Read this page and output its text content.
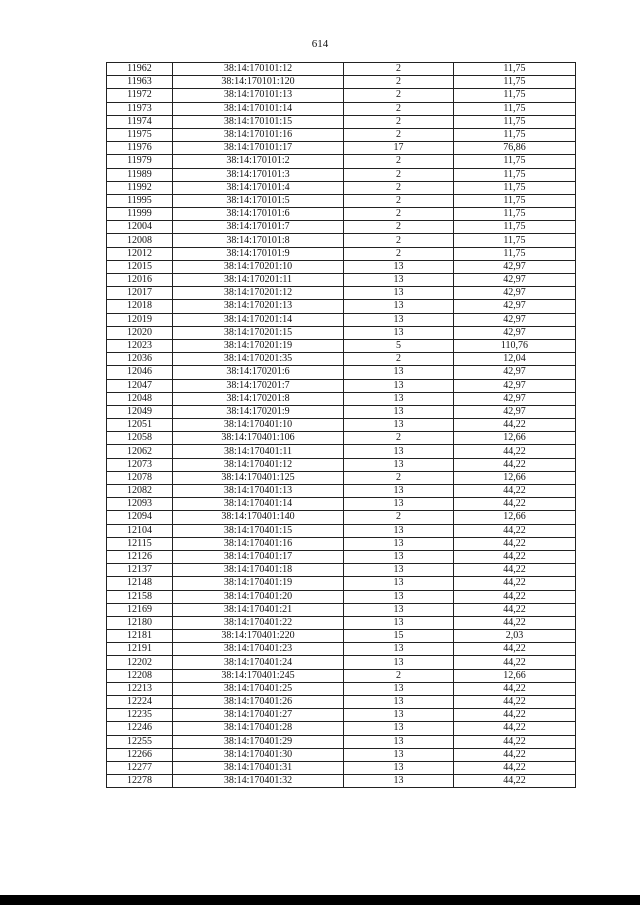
614
11962	38:14:170101:12	2	11,75
11963	38:14:170101:120	2	11,75
11972	38:14:170101:13	2	11,75
11973	38:14:170101:14	2	11,75
11974	38:14:170101:15	2	11,75
11975	38:14:170101:16	2	11,75
11976	38:14:170101:17	17	76,86
11979	38:14:170101:2	2	11,75
11989	38:14:170101:3	2	11,75
11992	38:14:170101:4	2	11,75
11995	38:14:170101:5	2	11,75
11999	38:14:170101:6	2	11,75
12004	38:14:170101:7	2	11,75
12008	38:14:170101:8	2	11,75
12012	38:14:170101:9	2	11,75
12015	38:14:170201:10	13	42,97
12016	38:14:170201:11	13	42,97
12017	38:14:170201:12	13	42,97
12018	38:14:170201:13	13	42,97
12019	38:14:170201:14	13	42,97
12020	38:14:170201:15	13	42,97
12023	38:14:170201:19	5	110,76
12036	38:14:170201:35	2	12,04
12046	38:14:170201:6	13	42,97
12047	38:14:170201:7	13	42,97
12048	38:14:170201:8	13	42,97
12049	38:14:170201:9	13	42,97
12051	38:14:170401:10	13	44,22
12058	38:14:170401:106	2	12,66
12062	38:14:170401:11	13	44,22
12073	38:14:170401:12	13	44,22
12078	38:14:170401:125	2	12,66
12082	38:14:170401:13	13	44,22
12093	38:14:170401:14	13	44,22
12094	38:14:170401:140	2	12,66
12104	38:14:170401:15	13	44,22
12115	38:14:170401:16	13	44,22
12126	38:14:170401:17	13	44,22
12137	38:14:170401:18	13	44,22
12148	38:14:170401:19	13	44,22
12158	38:14:170401:20	13	44,22
12169	38:14:170401:21	13	44,22
12180	38:14:170401:22	13	44,22
12181	38:14:170401:220	15	2,03
12191	38:14:170401:23	13	44,22
12202	38:14:170401:24	13	44,22
12208	38:14:170401:245	2	12,66
12213	38:14:170401:25	13	44,22
12224	38:14:170401:26	13	44,22
12235	38:14:170401:27	13	44,22
12246	38:14:170401:28	13	44,22
12255	38:14:170401:29	13	44,22
12266	38:14:170401:30	13	44,22
12277	38:14:170401:31	13	44,22
12278	38:14:170401:32	13	44,22
